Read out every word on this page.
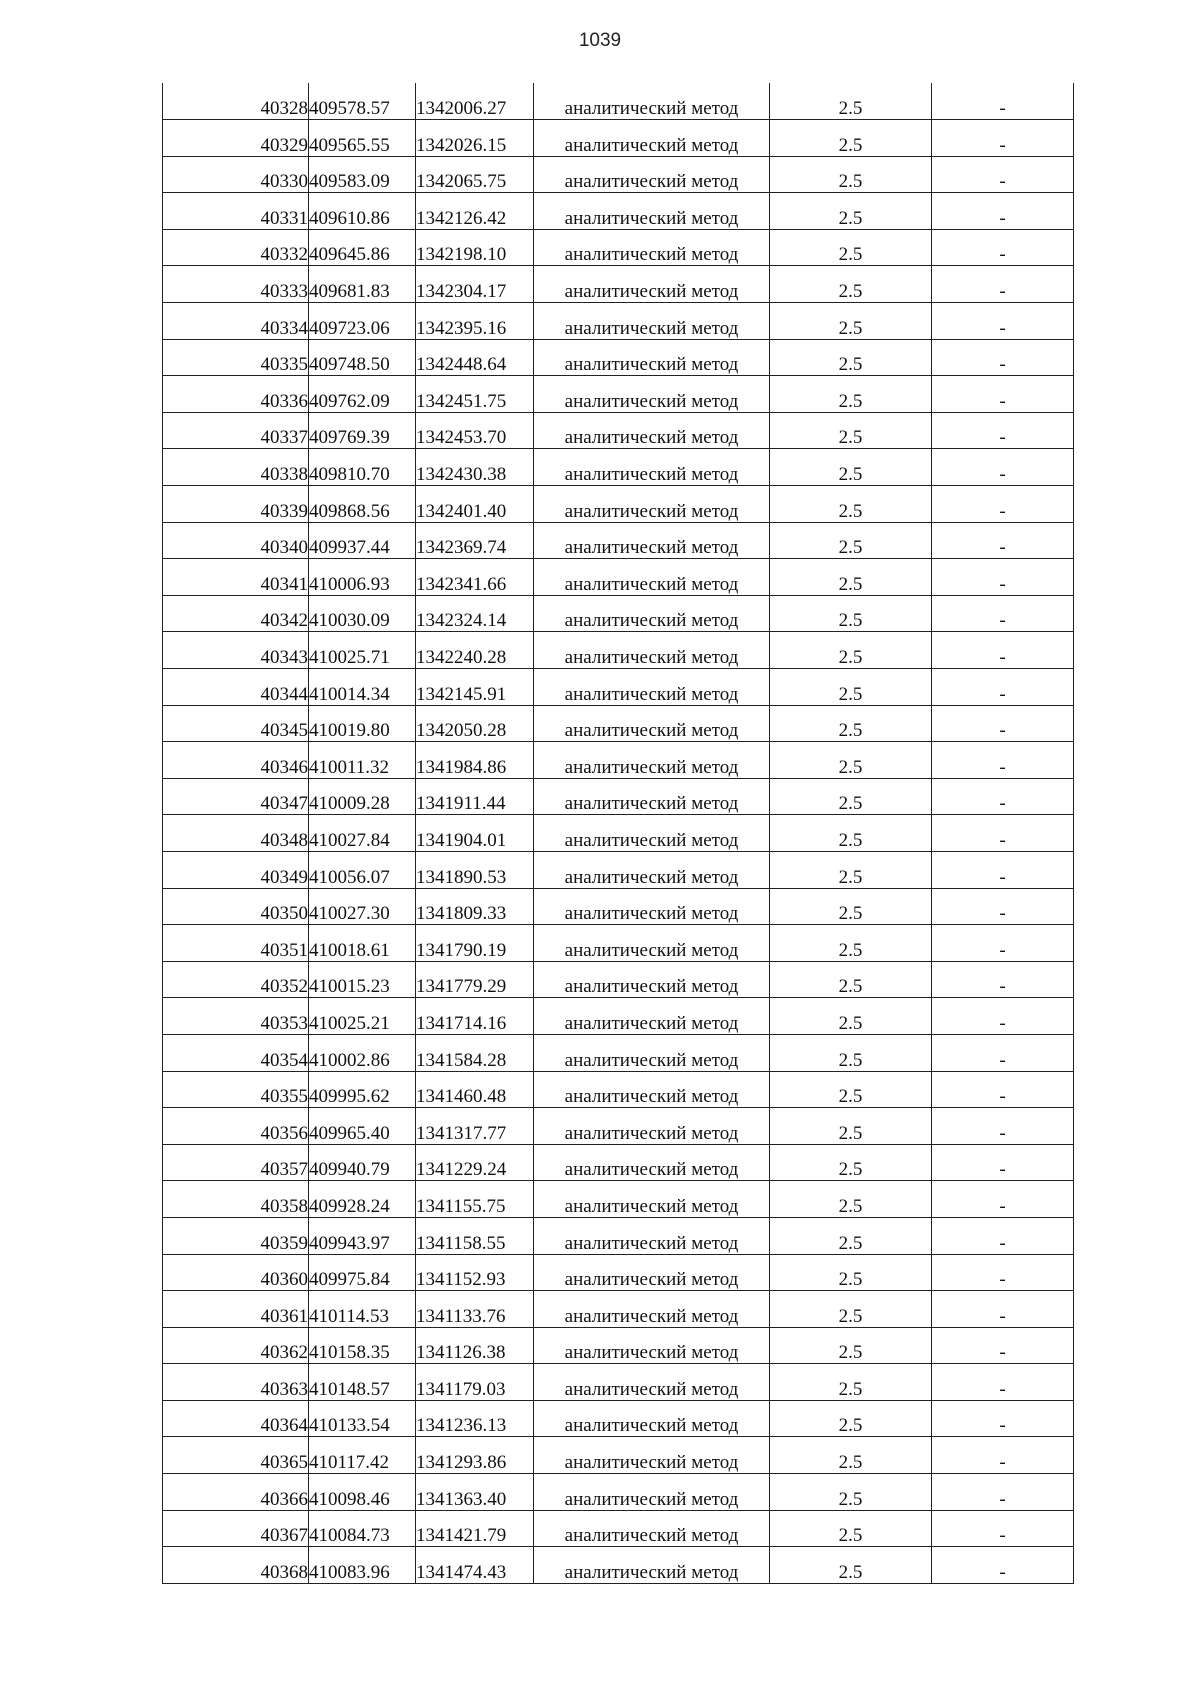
1039
40328	409578.57	1342006.27	аналитический метод	2.5	-
40329	409565.55	1342026.15	аналитический метод	2.5	-
40330	409583.09	1342065.75	аналитический метод	2.5	-
40331	409610.86	1342126.42	аналитический метод	2.5	-
40332	409645.86	1342198.10	аналитический метод	2.5	-
40333	409681.83	1342304.17	аналитический метод	2.5	-
40334	409723.06	1342395.16	аналитический метод	2.5	-
40335	409748.50	1342448.64	аналитический метод	2.5	-
40336	409762.09	1342451.75	аналитический метод	2.5	-
40337	409769.39	1342453.70	аналитический метод	2.5	-
40338	409810.70	1342430.38	аналитический метод	2.5	-
40339	409868.56	1342401.40	аналитический метод	2.5	-
40340	409937.44	1342369.74	аналитический метод	2.5	-
40341	410006.93	1342341.66	аналитический метод	2.5	-
40342	410030.09	1342324.14	аналитический метод	2.5	-
40343	410025.71	1342240.28	аналитический метод	2.5	-
40344	410014.34	1342145.91	аналитический метод	2.5	-
40345	410019.80	1342050.28	аналитический метод	2.5	-
40346	410011.32	1341984.86	аналитический метод	2.5	-
40347	410009.28	1341911.44	аналитический метод	2.5	-
40348	410027.84	1341904.01	аналитический метод	2.5	-
40349	410056.07	1341890.53	аналитический метод	2.5	-
40350	410027.30	1341809.33	аналитический метод	2.5	-
40351	410018.61	1341790.19	аналитический метод	2.5	-
40352	410015.23	1341779.29	аналитический метод	2.5	-
40353	410025.21	1341714.16	аналитический метод	2.5	-
40354	410002.86	1341584.28	аналитический метод	2.5	-
40355	409995.62	1341460.48	аналитический метод	2.5	-
40356	409965.40	1341317.77	аналитический метод	2.5	-
40357	409940.79	1341229.24	аналитический метод	2.5	-
40358	409928.24	1341155.75	аналитический метод	2.5	-
40359	409943.97	1341158.55	аналитический метод	2.5	-
40360	409975.84	1341152.93	аналитический метод	2.5	-
40361	410114.53	1341133.76	аналитический метод	2.5	-
40362	410158.35	1341126.38	аналитический метод	2.5	-
40363	410148.57	1341179.03	аналитический метод	2.5	-
40364	410133.54	1341236.13	аналитический метод	2.5	-
40365	410117.42	1341293.86	аналитический метод	2.5	-
40366	410098.46	1341363.40	аналитический метод	2.5	-
40367	410084.73	1341421.79	аналитический метод	2.5	-
40368	410083.96	1341474.43	аналитический метод	2.5	-
